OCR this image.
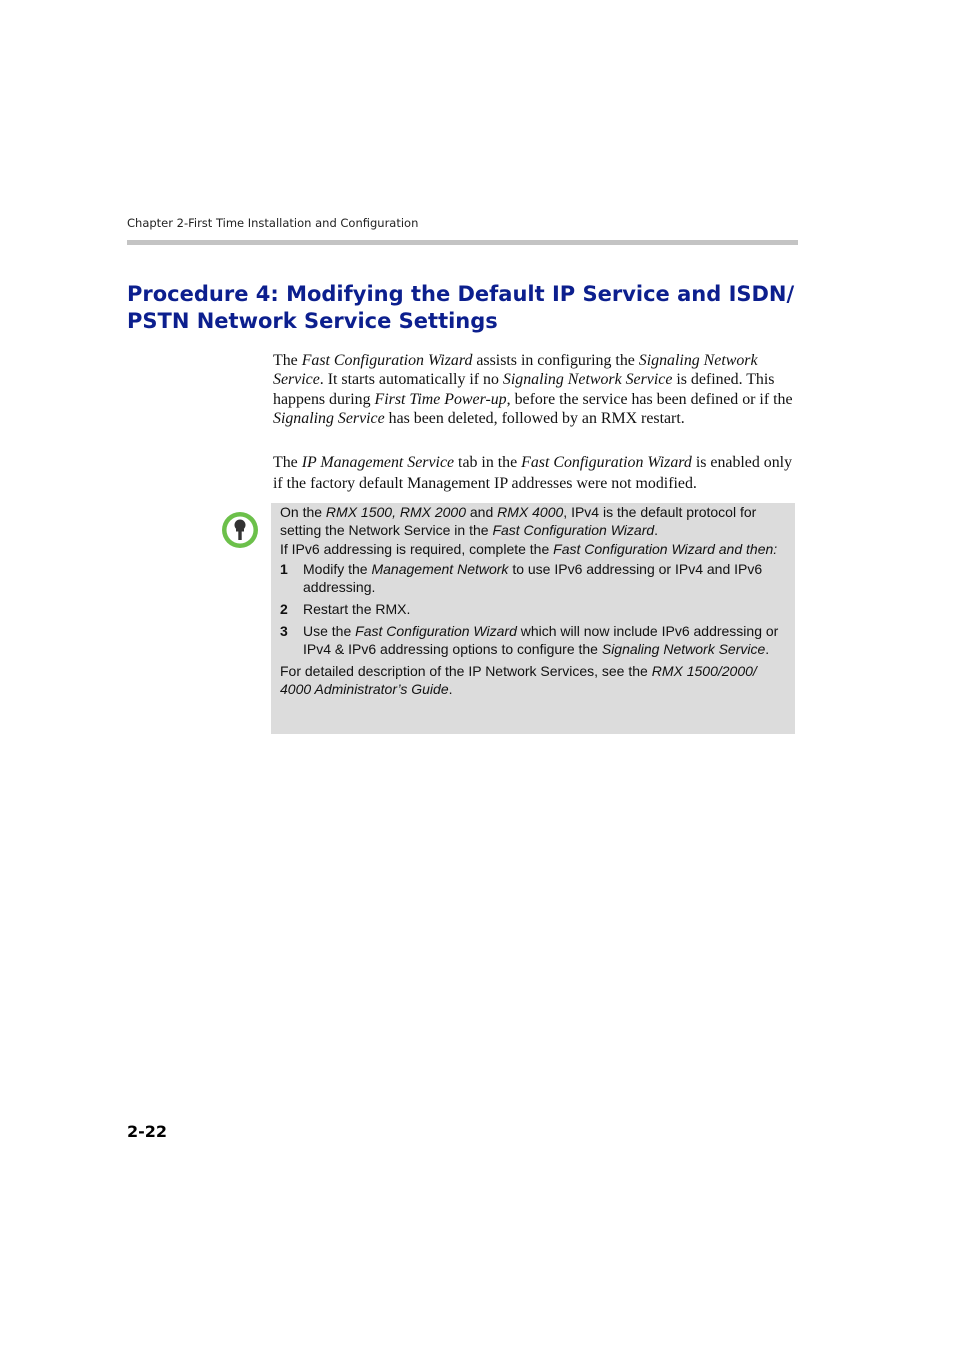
Chapter 2-First Time Installation and Configuration
Procedure 4: Modifying the Default IP Service and ISDN/ PSTN Network Service Settings

The Fast Configuration Wizard assists in configuring the Signaling Network Service. It starts automatically if no Signaling Network Service is defined. This happens during First Time Power-up, before the service has been defined or if the Signaling Service has been deleted, followed by an RMX restart.

The IP Management Service tab in the Fast Configuration Wizard is enabled only if the factory default Management IP addresses were not modified.

On the RMX 1500, RMX 2000 and RMX 4000, IPv4 is the default protocol for setting the Network Service in the Fast Configuration Wizard.

If IPv6 addressing is required, complete the Fast Configuration Wizard and then:

1 Modify the Management Network to use IPv6 addressing or IPv4 and IPv6 addressing.

2 Restart the RMX.

3 Use the Fast Configuration Wizard which will now include IPv6 addressing or IPv4 & IPv6 addressing options to configure the Signaling Network Service.

For detailed description of the IP Network Services, see the RMX 1500/2000/ 4000 Administrator’s Guide.

2-22
